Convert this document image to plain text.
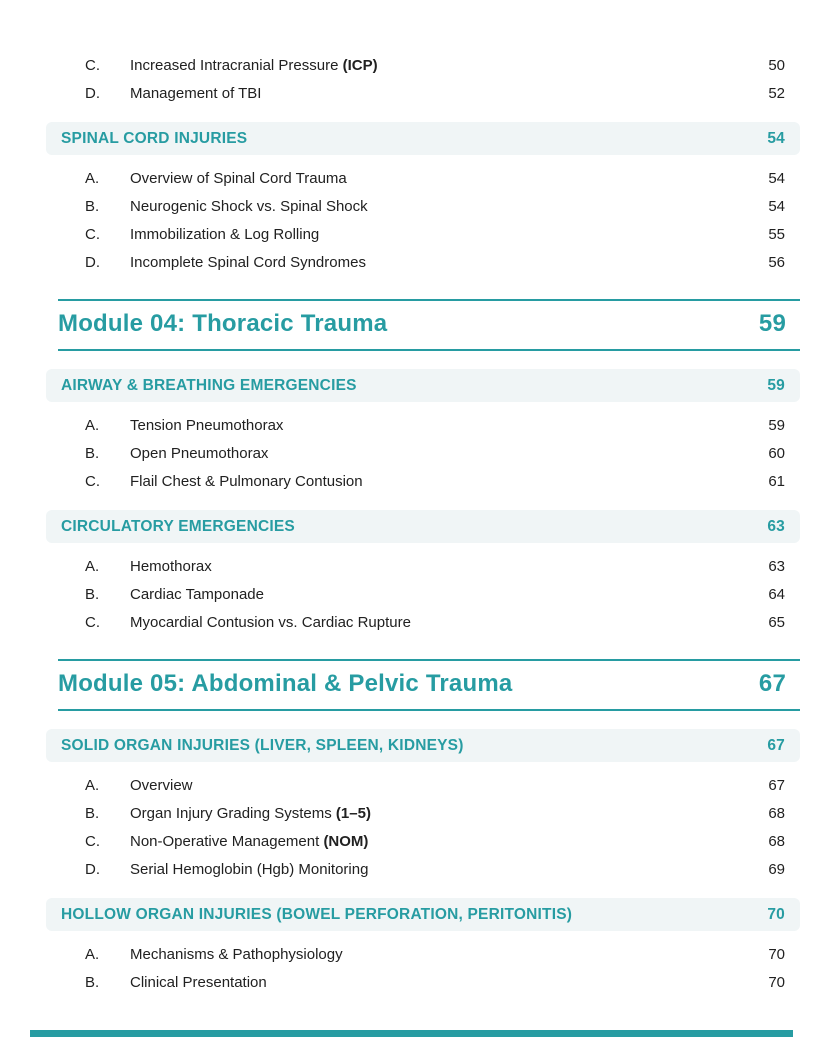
C.	Increased Intracranial Pressure (ICP)	50
D.	Management of TBI	52
SPINAL CORD INJURIES	54
A.	Overview of Spinal Cord Trauma	54
B.	Neurogenic Shock vs. Spinal Shock	54
C.	Immobilization & Log Rolling	55
D.	Incomplete Spinal Cord Syndromes	56
Module 04: Thoracic Trauma	59
AIRWAY & BREATHING EMERGENCIES	59
A.	Tension Pneumothorax	59
B.	Open Pneumothorax	60
C.	Flail Chest & Pulmonary Contusion	61
CIRCULATORY EMERGENCIES	63
A.	Hemothorax	63
B.	Cardiac Tamponade	64
C.	Myocardial Contusion vs. Cardiac Rupture	65
Module 05: Abdominal & Pelvic Trauma	67
SOLID ORGAN INJURIES (LIVER, SPLEEN, KIDNEYS)	67
A.	Overview	67
B.	Organ Injury Grading Systems (1–5)	68
C.	Non-Operative Management (NOM)	68
D.	Serial Hemoglobin (Hgb) Monitoring	69
HOLLOW ORGAN INJURIES (BOWEL PERFORATION, PERITONITIS)	70
A.	Mechanisms & Pathophysiology	70
B.	Clinical Presentation	70
